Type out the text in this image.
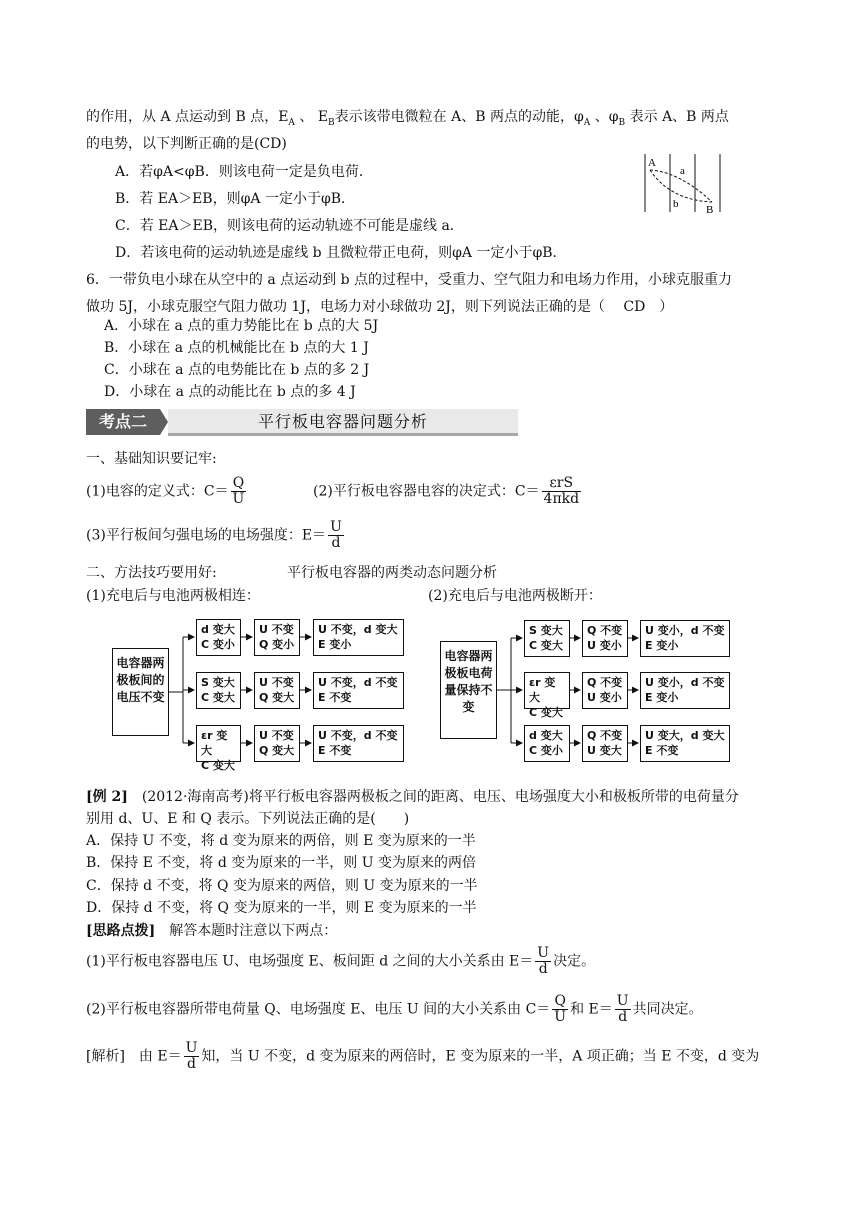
的作用，从 A 点运动到 B 点，$E_A$ 、 $E_B$表示该带电微粒在 A、B 两点的动能，$\varphi_A$ 、$\varphi_B$ 表示 A、B 两点
的电势，以下判断正确的是(CD)
A．若φA<φB．则该电荷一定是负电荷．
B．若 EA＞EB，则φA 一定小于φB．
C．若 EA＞EB，则该电荷的运动轨迹不可能是虚线 a．
D．若该电荷的运动轨迹是虚线 b 且微粒带正电荷，则φA 一定小于φB．
A
a
b	B
6．一带负电小球在从空中的 a 点运动到 b 点的过程中，受重力、空气阻力和电场力作用，小球克服重力
做功 5J，小球克服空气阻力做功 1J，电场力对小球做功 2J，则下列说法正确的是（　 CD　）
A．小球在 a 点的重力势能比在 b 点的大 5J
B．小球在 a 点的机械能比在 b 点的大 1 J
C．小球在 a 点的电势能比在 b 点的多 2 J
D．小球在 a 点的动能比在 b 点的多 4 J
考点二	平行板电容器问题分析
一、基础知识要记牢:
(1)电容的定义式：$C= \frac{Q}{U}$	(2)平行板电容器电容的决定式：$C= \frac{\text{εrS}}{\text{4πkd}}$
(3)平行板间匀强电场的电场强度：$E= \frac{U}{d}$
二、方法技巧要用好:	平行板电容器的两类动态问题分析
(1)充电后与电池两极相连：	(2)充电后与电池两极断开：
电容器两极板间的电压不变
d 变大
C 变小
U 不变
Q 变小
U 不变，d 变大
E 变小
S 变大
C 变大
U 不变
Q 变大
U 不变，d 不变
E 不变
εr 变大
C 变大
U 不变
Q 变大
U 不变，d 不变
E 不变
电容器两极板电荷量保持不变
S 变大
C 变大
Q 不变
U 变小
U 变小，d 不变
E 变小
εr 变大
C 变大
Q 不变
U 变小
U 变小，d 不变
E 变小
d 变大
C 变小
Q 不变
U 变大
U 变大，d 变大
E 不变
[例 2]　(2012·海南高考)将平行板电容器两极板之间的距离、电压、电场强度大小和极板所带的电荷量分
别用 d、U、E 和 Q 表示。下列说法正确的是(　　)
A．保持 U 不变，将 d 变为原来的两倍，则 E 变为原来的一半
B．保持 E 不变，将 d 变为原来的一半，则 U 变为原来的两倍
C．保持 d 不变，将 Q 变为原来的两倍，则 U 变为原来的一半
D．保持 d 不变，将 Q 变为原来的一半，则 E 变为原来的一半
[思路点拨]　解答本题时注意以下两点：
(1)平行板电容器电压 U、电场强度 E、板间距 d 之间的大小关系由 $E= \frac{U}{d}$ 决定。
(2)平行板电容器所带电荷量 Q、电场强度 E、电压 U 间的大小关系由 $C= \frac{Q}{U}$ 和 $E= \frac{U}{d}$ 共同决定。
[解析]　由 $E= \frac{U}{d}$ 知，当 U 不变，d 变为原来的两倍时，E 变为原来的一半，A 项正确；当 E 不变，d 变为
